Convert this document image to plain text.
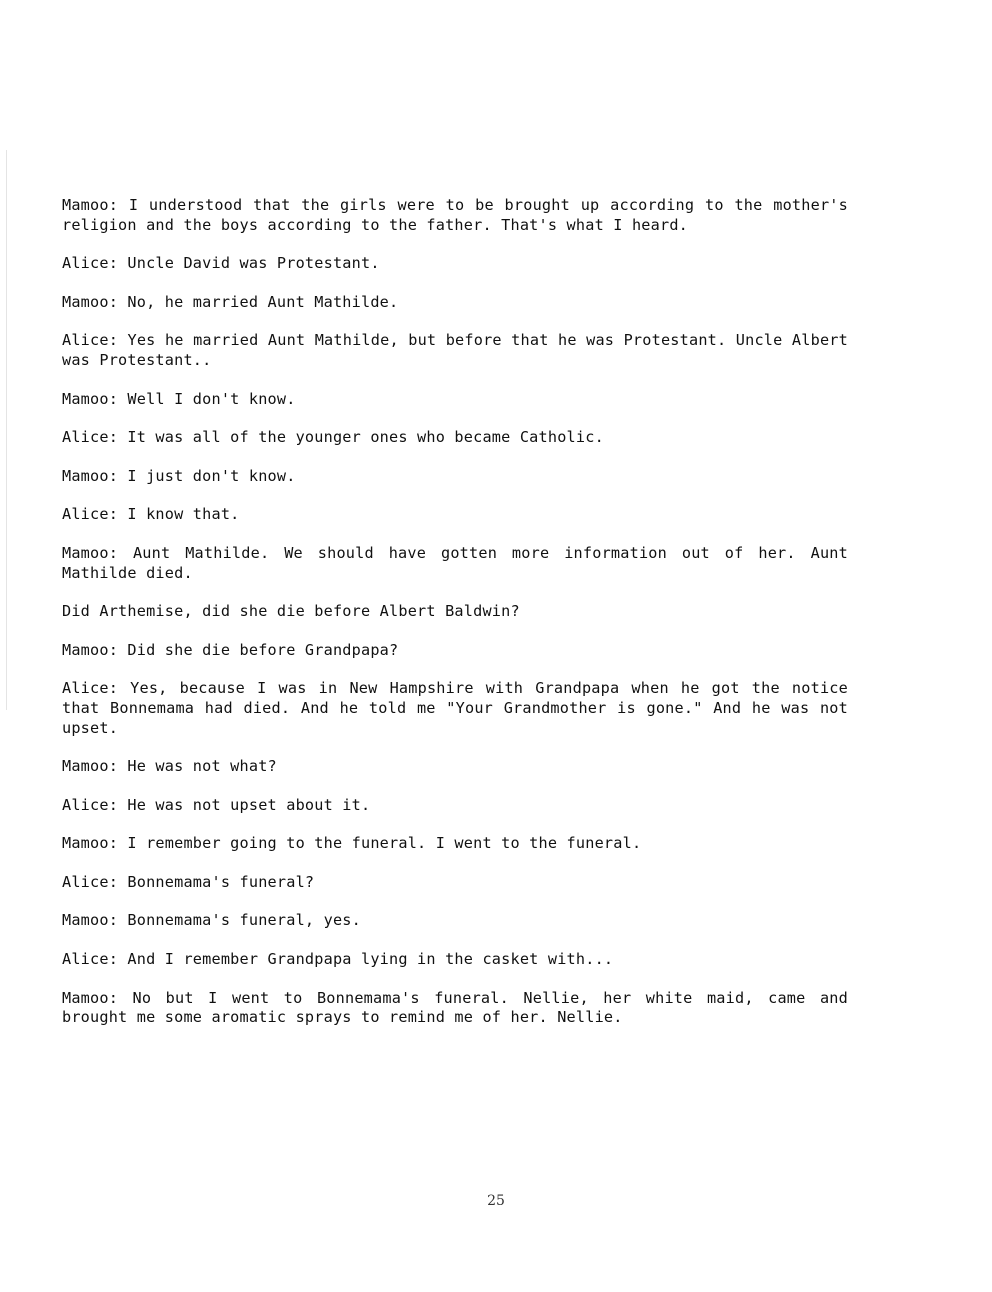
Mamoo: I understood that the girls were to be brought up according to the mother's religion and the boys according to the father. That's what I heard.

Alice: Uncle David was Protestant.

Mamoo: No, he married Aunt Mathilde.

Alice: Yes he married Aunt Mathilde, but before that he was Protestant. Uncle Albert was Protestant..

Mamoo: Well I don't know.

Alice: It was all of the younger ones who became Catholic.

Mamoo: I just don't know.

Alice: I know that.

Mamoo: Aunt Mathilde. We should have gotten more information out of her. Aunt Mathilde died.

Did Arthemise, did she die before Albert Baldwin?

Mamoo: Did she die before Grandpapa?

Alice: Yes, because I was in New Hampshire with Grandpapa when he got the notice that Bonnemama had died. And he told me "Your Grandmother is gone." And he was not upset.

Mamoo: He was not what?

Alice: He was not upset about it.

Mamoo: I remember going to the funeral. I went to the funeral.

Alice: Bonnemama's funeral?

Mamoo: Bonnemama's funeral, yes.

Alice: And I remember Grandpapa lying in the casket with...

Mamoo: No but I went to Bonnemama's funeral. Nellie, her white maid, came and brought me some aromatic sprays to remind me of her. Nellie.

25
